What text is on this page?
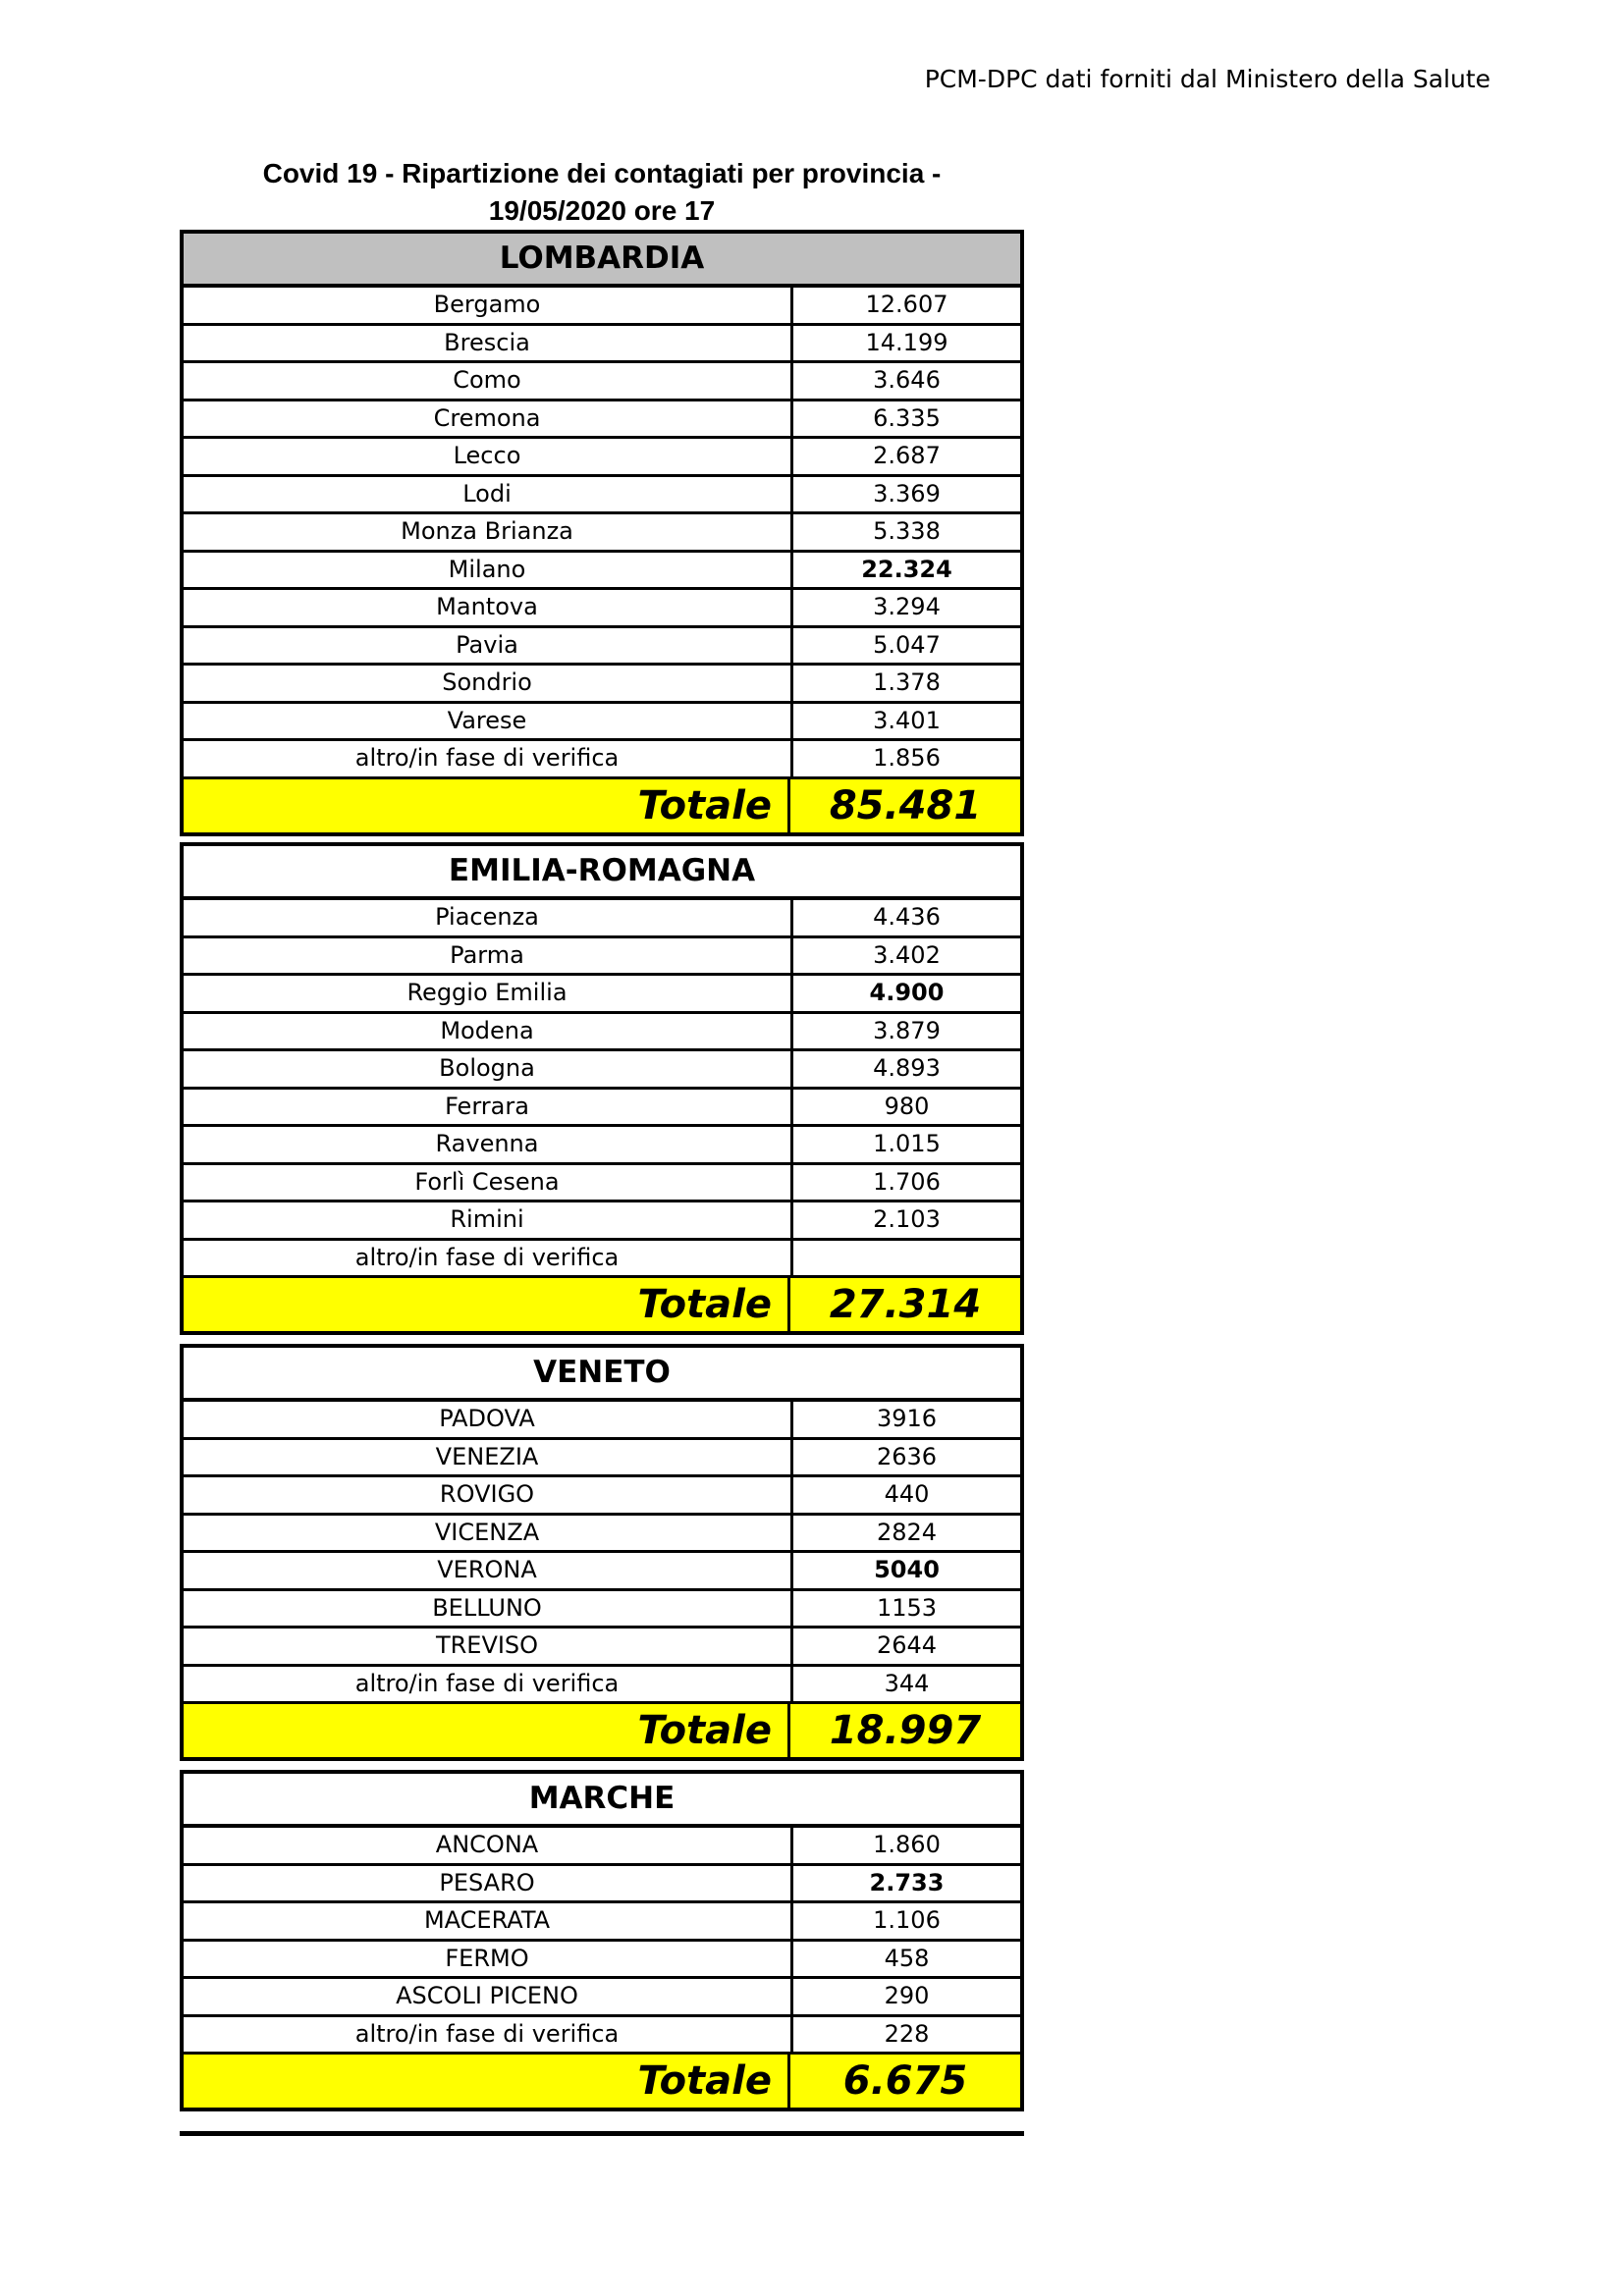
PCM-DPC dati forniti dal Ministero della Salute
Covid 19 - Ripartizione dei contagiati per provincia -
19/05/2020 ore 17
LOMBARDIA
Bergamo	12.607
Brescia	14.199
Como	3.646
Cremona	6.335
Lecco	2.687
Lodi	3.369
Monza Brianza	5.338
Milano	22.324
Mantova	3.294
Pavia	5.047
Sondrio	1.378
Varese	3.401
altro/in fase di verifica	1.856
Totale	85.481
EMILIA-ROMAGNA
Piacenza	4.436
Parma	3.402
Reggio Emilia	4.900
Modena	3.879
Bologna	4.893
Ferrara	980
Ravenna	1.015
Forlì Cesena	1.706
Rimini	2.103
altro/in fase di verifica
Totale	27.314
VENETO
PADOVA	3916
VENEZIA	2636
ROVIGO	440
VICENZA	2824
VERONA	5040
BELLUNO	1153
TREVISO	2644
altro/in fase di verifica	344
Totale	18.997
MARCHE
ANCONA	1.860
PESARO	2.733
MACERATA	1.106
FERMO	458
ASCOLI PICENO	290
altro/in fase di verifica	228
Totale	6.675
